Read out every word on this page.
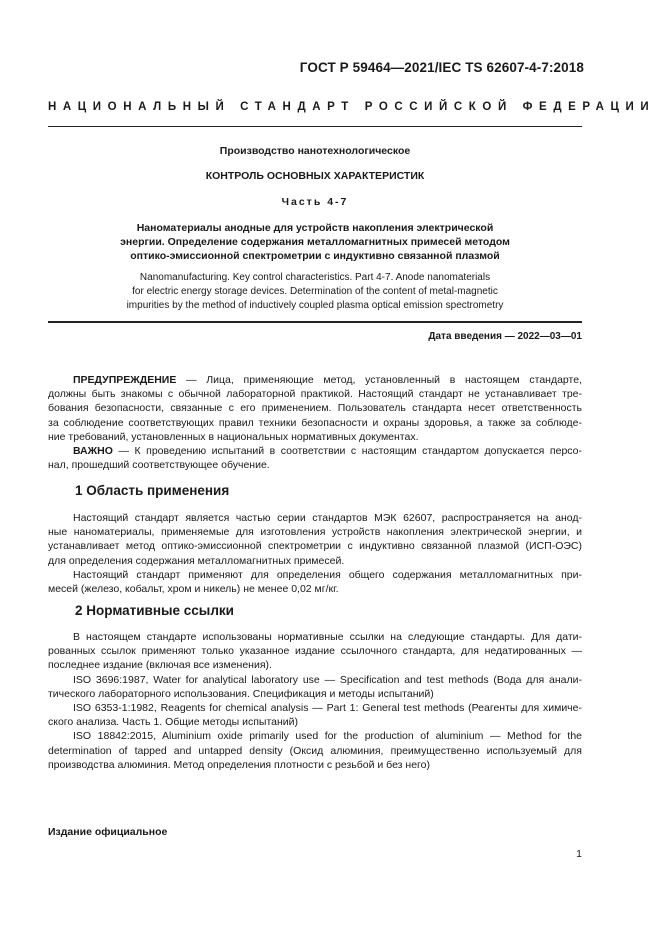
ГОСТ Р 59464—2021/IEC TS 62607-4-7:2018
НАЦИОНАЛЬНЫЙ СТАНДАРТ РОССИЙСКОЙ ФЕДЕРАЦИИ
Производство нанотехнологическое
КОНТРОЛЬ ОСНОВНЫХ ХАРАКТЕРИСТИК
Часть 4-7
Наноматериалы анодные для устройств накопления электрической
энергии. Определение содержания металломагнитных примесей методом
оптико-эмиссионной спектрометрии с индуктивно связанной плазмой
Nanomanufacturing. Key control characteristics. Part 4-7. Anode nanomaterials
for electric energy storage devices. Determination of the content of metal-magnetic
impurities by the method of inductively coupled plasma optical emission spectrometry
Дата введения — 2022—03—01
ПРЕДУПРЕЖДЕНИЕ — Лица, применяющие метод, установленный в настоящем стандарте,
должны быть знакомы с обычной лабораторной практикой. Настоящий стандарт не устанавливает тре-
бования безопасности, связанные с его применением. Пользователь стандарта несет ответственность
за соблюдение соответствующих правил техники безопасности и охраны здоровья, а также за соблюде-
ние требований, установленных в национальных нормативных документах.
ВАЖНО — К проведению испытаний в соответствии с настоящим стандартом допускается персо-
нал, прошедший соответствующее обучение.
1 Область применения
Настоящий стандарт является частью серии стандартов МЭК 62607, распространяется на анод-
ные наноматериалы, применяемые для изготовления устройств накопления электрической энергии, и
устанавливает метод оптико-эмиссионной спектрометрии с индуктивно связанной плазмой (ИСП-ОЭС)
для определения содержания металломагнитных примесей.
Настоящий стандарт применяют для определения общего содержания металломагнитных при-
месей (железо, кобальт, хром и никель) не менее 0,02 мг/кг.
2 Нормативные ссылки
В настоящем стандарте использованы нормативные ссылки на следующие стандарты. Для дати-
рованных ссылок применяют только указанное издание ссылочного стандарта, для недатированных —
последнее издание (включая все изменения).
ISO 3696:1987, Water for analytical laboratory use — Specification and test methods (Вода для анали-
тического лабораторного использования. Спецификация и методы испытаний)
ISO 6353-1:1982, Reagents for chemical analysis — Part 1: General test methods (Реагенты для химиче-
ского анализа. Часть 1. Общие методы испытаний)
ISO 18842:2015, Aluminium oxide primarily used for the production of aluminium — Method for the
determination of tapped and untapped density (Оксид алюминия, преимущественно используемый для
производства алюминия. Метод определения плотности с резьбой и без него)
Издание официальное
1
